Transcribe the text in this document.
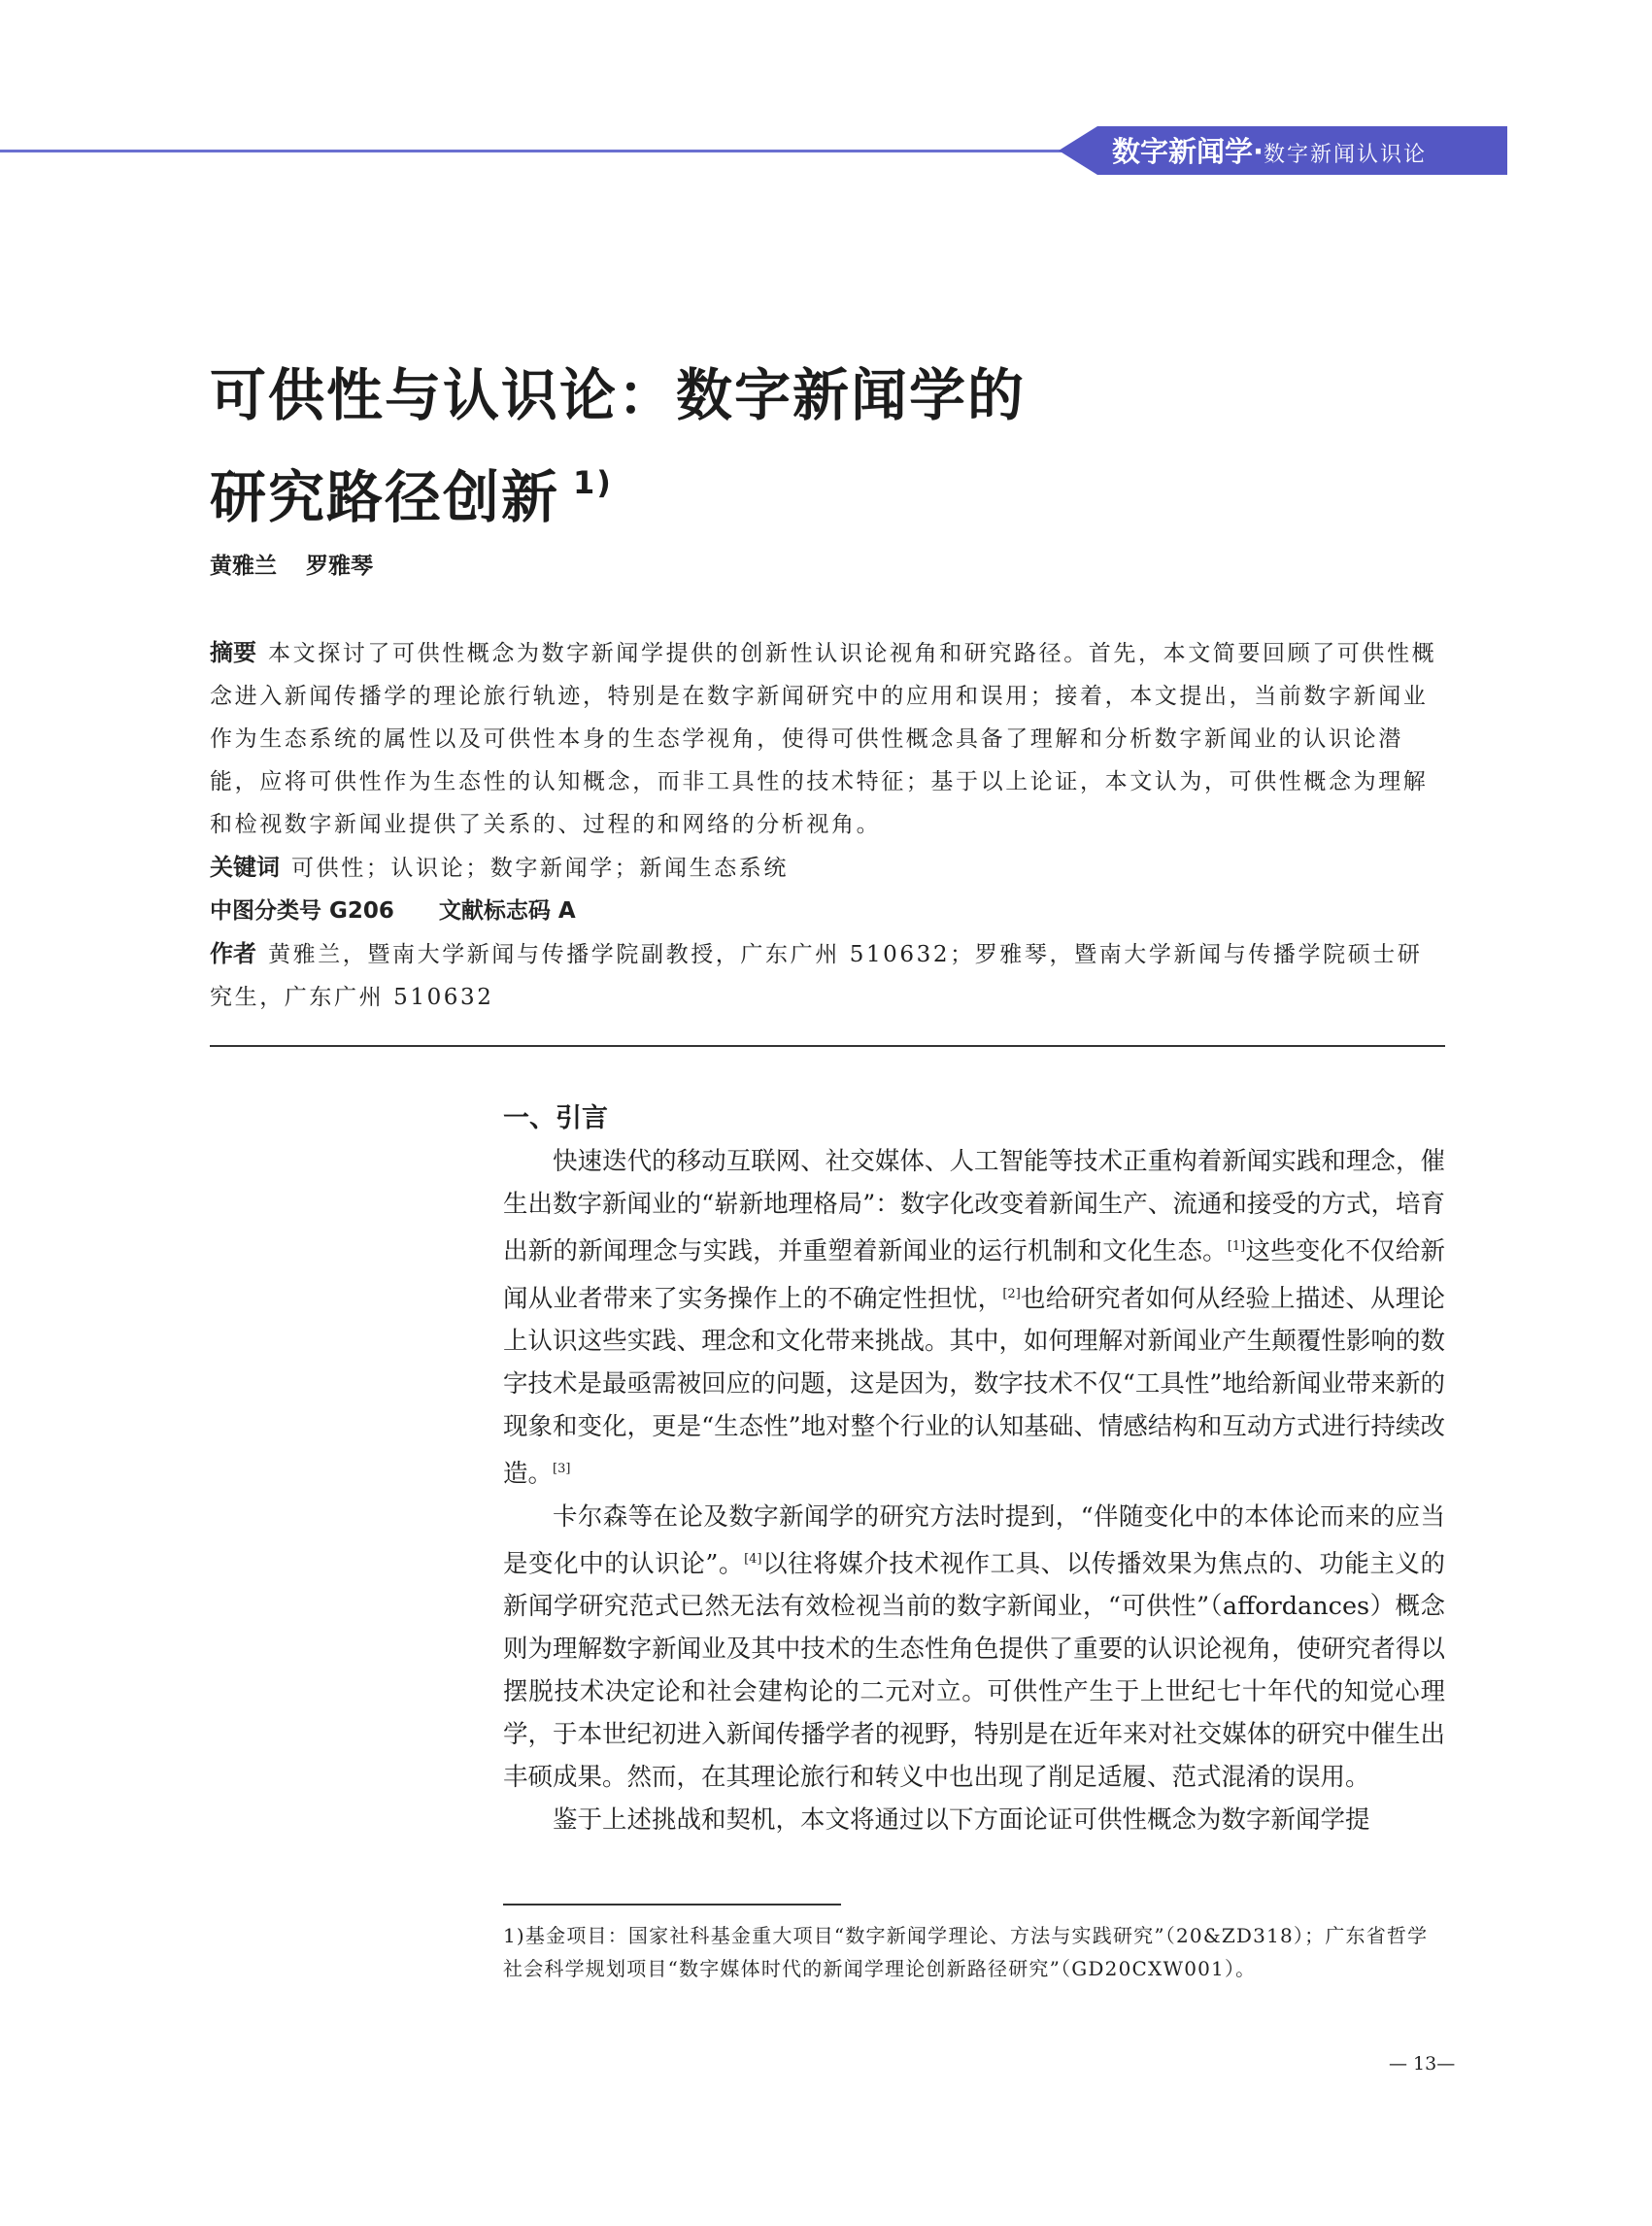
数字新闻学·数字新闻认识论
可供性与认识论：数字新闻学的
研究路径创新 $^{1)}$
黄雅兰 罗雅琴

摘要 本文探讨了可供性概念为数字新闻学提供的创新性认识论视角和研究路径。首先，本文简要回顾了可供性概念进入新闻传播学的理论旅行轨迹，特别是在数字新闻研究中的应用和误用；接着，本文提出，当前数字新闻业作为生态系统的属性以及可供性本身的生态学视角，使得可供性概念具备了理解和分析数字新闻业的认识论潜能，应将可供性作为生态性的认知概念，而非工具性的技术特征；基于以上论证，本文认为，可供性概念为理解和检视数字新闻业提供了关系的、过程的和网络的分析视角。

关键词 可供性；认识论；数字新闻学；新闻生态系统

中图分类号 G206 文献标志码 A

作者 黄雅兰，暨南大学新闻与传播学院副教授，广东广州 510632；罗雅琴，暨南大学新闻与传播学院硕士研究生，广东广州 510632

一、引言

快速迭代的移动互联网、社交媒体、人工智能等技术正重构着新闻实践和理念，催生出数字新闻业的“崭新地理格局”：数字化改变着新闻生产、流通和接受的方式，培育出新的新闻理念与实践，并重塑着新闻业的运行机制和文化生态。[1]这些变化不仅给新闻从业者带来了实务操作上的不确定性担忧，[2]也给研究者如何从经验上描述、从理论上认识这些实践、理念和文化带来挑战。其中，如何理解对新闻业产生颠覆性影响的数字技术是最亟需被回应的问题，这是因为，数字技术不仅“工具性”地给新闻业带来新的现象和变化，更是“生态性”地对整个行业的认知基础、情感结构和互动方式进行持续改造。[3]

卡尔森等在论及数字新闻学的研究方法时提到，“伴随变化中的本体论而来的应当是变化中的认识论”。[4]以往将媒介技术视作工具、以传播效果为焦点的、功能主义的新闻学研究范式已然无法有效检视当前的数字新闻业，“可供性”（affordances）概念则为理解数字新闻业及其中技术的生态性角色提供了重要的认识论视角，使研究者得以摆脱技术决定论和社会建构论的二元对立。可供性产生于上世纪七十年代的知觉心理学，于本世纪初进入新闻传播学者的视野，特别是在近年来对社交媒体的研究中催生出丰硕成果。然而，在其理论旅行和转义中也出现了削足适履、范式混淆的误用。

鉴于上述挑战和契机，本文将通过以下方面论证可供性概念为数字新闻学提

1)基金项目：国家社科基金重大项目“数字新闻学理论、方法与实践研究”（20&ZD318）；广东省哲学社会科学规划项目“数字媒体时代的新闻学理论创新路径研究”（GD20CXW001）。
— 13—
